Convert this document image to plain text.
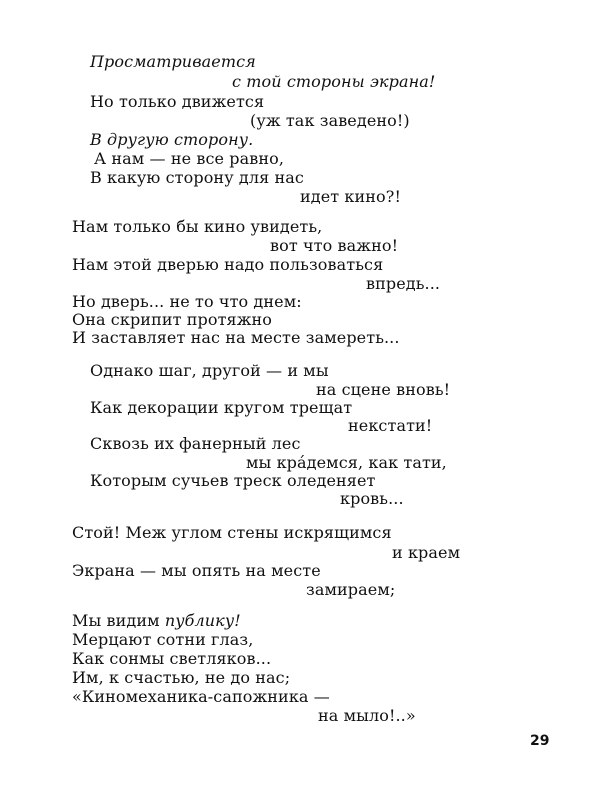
Просматривается
с той стороны экрана!
Но только движется
(уж так заведено!)
В другую сторону.
А нам — не все равно,
В какую сторону для нас
идет кино?!
Нам только бы кино увидеть,
вот что важно!
Нам этой дверью надо пользоваться
впредь...
Но дверь... не то что днем:
Она скрипит протяжно
И заставляет нас на месте замереть...
Однако шаг, другой — и мы
на сцене вновь!
Как декорации кругом трещат
некстати!
Сквозь их фанерный лес
мы кра́демся, как тати,
Которым сучьев треск оледеняет
кровь...
Стой! Меж углом стены искрящимся
и краем
Экрана — мы опять на месте
замираем;
Мы видим публику!
Мерцают сотни глаз,
Как сонмы светляков...
Им, к счастью, не до нас;
«Киномеханика-сапожника —
на мыло!..»
29
